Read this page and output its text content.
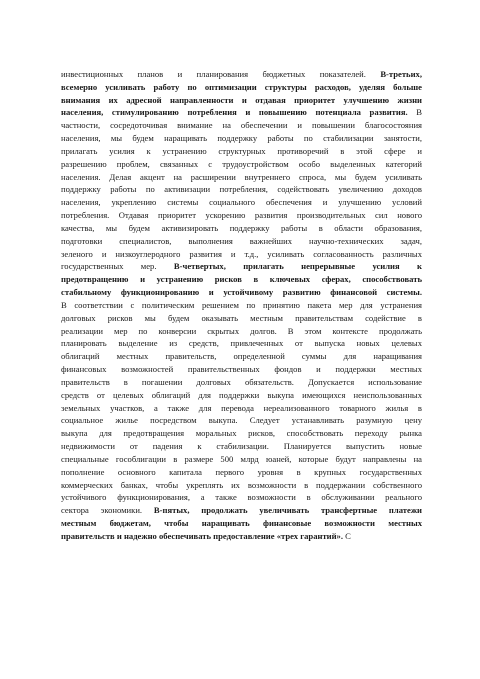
инвестиционных планов и планирования бюджетных показателей. В-третьих,
всемерно усиливать работу по оптимизации структуры расходов, уделяя больше
внимания их адресной направленности и отдавая приоритет улучшению жизни
населения, стимулированию потребления и повышению потенциала развития. В
частности, сосредоточивая внимание на обеспечении и повышении благосостояния
населения, мы будем наращивать поддержку работы по стабилизации занятости,
прилагать усилия к устранению структурных противоречий в этой сфере и
разрешению проблем, связанных с трудоустройством особо выделенных категорий
населения. Делая акцент на расширении внутреннего спроса, мы будем усиливать
поддержку работы по активизации потребления, содействовать увеличению доходов
населения, укреплению системы социального обеспечения и улучшению условий
потребления. Отдавая приоритет ускорению развития производительных сил нового
качества, мы будем активизировать поддержку работы в области образования,
подготовки специалистов, выполнения важнейших научно-технических задач,
зеленого и низкоуглеродного развития и т.д., усиливать согласованность различных
государственных мер. В-четвертых, прилагать непрерывные усилия к
предотвращению и устранению рисков в ключевых сферах, способствовать
стабильному функционированию и устойчивому развитию финансовой системы.
В соответствии с политическим решением по принятию пакета мер для устранения
долговых рисков мы будем оказывать местным правительствам содействие в
реализации мер по конверсии скрытых долгов. В этом контексте продолжать
планировать выделение из средств, привлеченных от выпуска новых целевых
облигаций местных правительств, определенной суммы для наращивания
финансовых возможностей правительственных фондов и поддержки местных
правительств в погашении долговых обязательств. Допускается использование
средств от целевых облигаций для поддержки выкупа имеющихся неиспользованных
земельных участков, а также для перевода нереализованного товарного жилья в
социальное жилье посредством выкупа. Следует устанавливать разумную цену
выкупа для предотвращения моральных рисков, способствовать переходу рынка
недвижимости от падения к стабилизации. Планируется выпустить новые
специальные гособлигации в размере 500 млрд юаней, которые будут направлены на
пополнение основного капитала первого уровня в крупных государственных
коммерческих банках, чтобы укреплять их возможности в поддержании собственного
устойчивого функционирования, а также возможности в обслуживании реального
сектора экономики. В-пятых, продолжать увеличивать трансфертные платежи
местным бюджетам, чтобы наращивать финансовые возможности местных
правительств и надежно обеспечивать предоставление «трех гарантий». С
